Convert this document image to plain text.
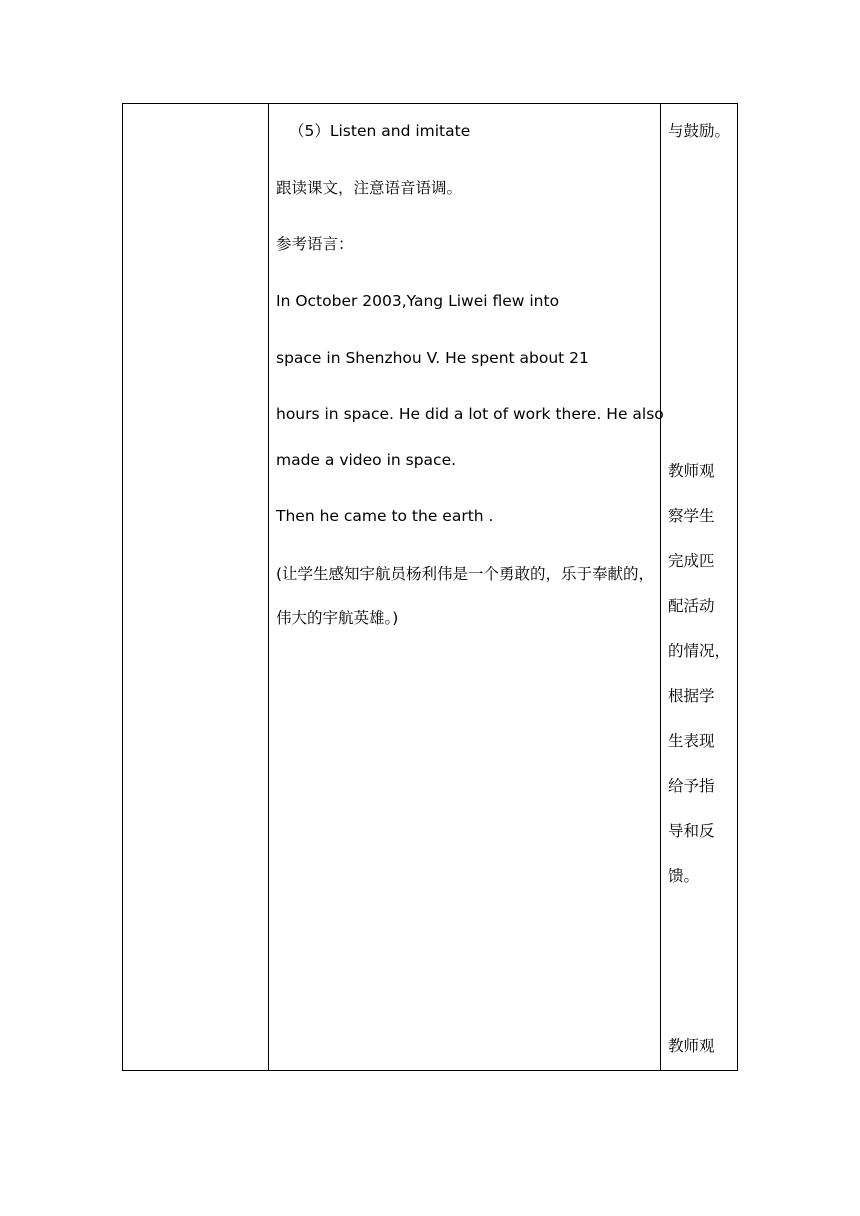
（5）Listen and imitate
跟读课文，注意语音语调。
参考语言：
In October 2003,Yang Liwei flew into
space in Shenzhou V. He spent about 21
hours in space. He did a lot of work there. He also
made a video in space.
Then he came to the earth .
(让学生感知宇航员杨利伟是一个勇敢的，乐于奉献的，
伟大的宇航英雄。)
与鼓励。
教师观
察学生
完成匹
配活动
的情况，
根据学
生表现
给予指
导和反
馈。
教师观
